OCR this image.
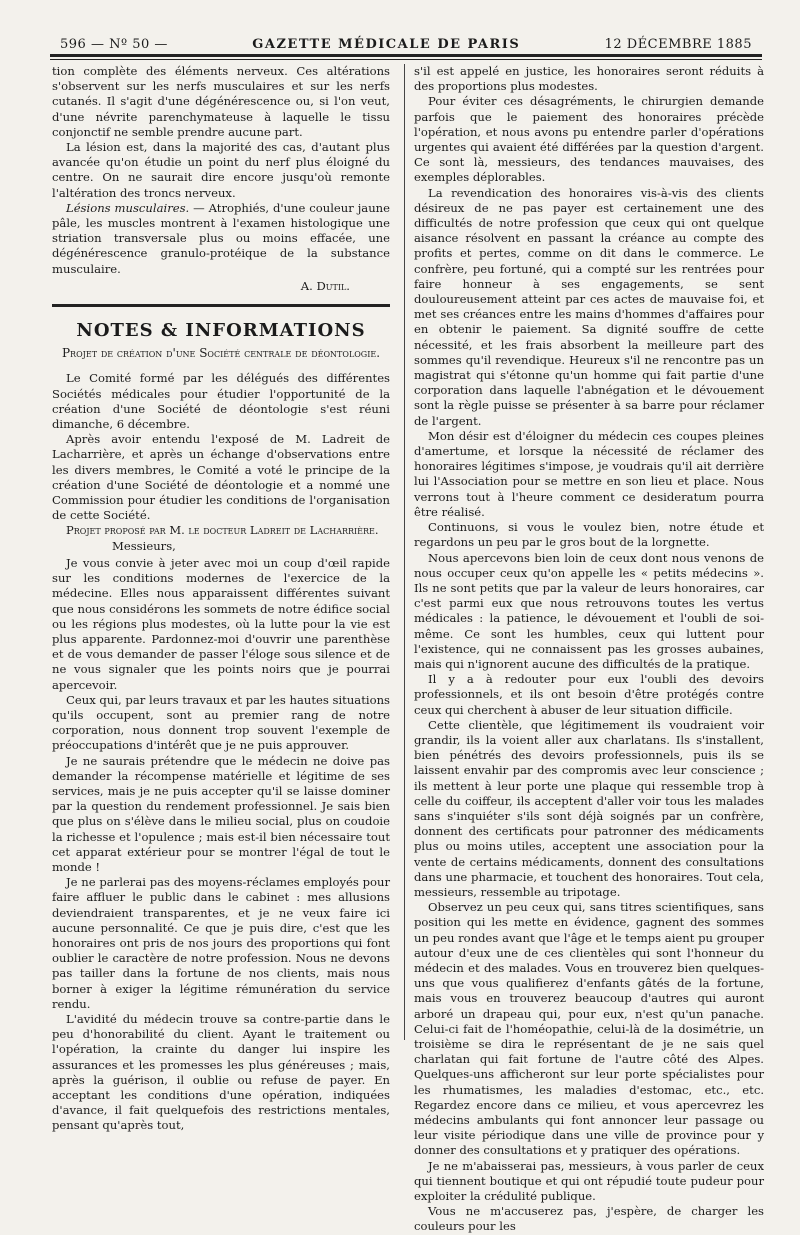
596 — Nº 50 —	GAZETTE MÉDICALE DE PARIS	12 DÉCEMBRE 1885

tion complète des éléments nerveux. Ces altérations s'observent sur les nerfs musculaires et sur les nerfs cutanés. Il s'agit d'une dégénérescence ou, si l'on veut, d'une névrite parenchymateuse à laquelle le tissu conjonctif ne semble prendre aucune part.

La lésion est, dans la majorité des cas, d'autant plus avancée qu'on étudie un point du nerf plus éloigné du centre. On ne saurait dire encore jusqu'où remonte l'altération des troncs nerveux.

Lésions musculaires. — Atrophiés, d'une couleur jaune pâle, les muscles montrent à l'examen histologique une striation transversale plus ou moins effacée, une dégénérescence granulo-protéique de la substance musculaire.

A. Dutil.
NOTES & INFORMATIONS
Projet de création d'une Société centrale de déontologie.

Le Comité formé par les délégués des différentes Sociétés médicales pour étudier l'opportunité de la création d'une Société de déontologie s'est réuni dimanche, 6 décembre.

Après avoir entendu l'exposé de M. Ladreit de Lacharrière, et après un échange d'observations entre les divers membres, le Comité a voté le principe de la création d'une Société de déontologie et a nommé une Commission pour étudier les conditions de l'organisation de cette Société.

Projet proposé par M. le docteur Ladreit de Lacharrière.

Messieurs,

Je vous convie à jeter avec moi un coup d'œil rapide sur les conditions modernes de l'exercice de la médecine. Elles nous apparaissent différentes suivant que nous considérons les sommets de notre édifice social ou les régions plus modestes, où la lutte pour la vie est plus apparente. Pardonnez-moi d'ouvrir une parenthèse et de vous demander de passer l'éloge sous silence et de ne vous signaler que les points noirs que je pourrai apercevoir.

Ceux qui, par leurs travaux et par les hautes situations qu'ils occupent, sont au premier rang de notre corporation, nous donnent trop souvent l'exemple de préoccupations d'intérêt que je ne puis approuver.

Je ne saurais prétendre que le médecin ne doive pas demander la récompense matérielle et légitime de ses services, mais je ne puis accepter qu'il se laisse dominer par la question du rendement professionnel. Je sais bien que plus on s'élève dans le milieu social, plus on coudoie la richesse et l'opulence ; mais est-il bien nécessaire tout cet apparat extérieur pour se montrer l'égal de tout le monde !

Je ne parlerai pas des moyens-réclames employés pour faire affluer le public dans le cabinet : mes allusions deviendraient transparentes, et je ne veux faire ici aucune personnalité. Ce que je puis dire, c'est que les honoraires ont pris de nos jours des proportions qui font oublier le caractère de notre profession. Nous ne devons pas tailler dans la fortune de nos clients, mais nous borner à exiger la légitime rémunération du service rendu.

L'avidité du médecin trouve sa contre-partie dans le peu d'honorabilité du client. Ayant le traitement ou l'opération, la crainte du danger lui inspire les assurances et les promesses les plus généreuses ; mais, après la guérison, il oublie ou refuse de payer. En acceptant les conditions d'une opération, indiquées d'avance, il fait quelquefois des restrictions mentales, pensant qu'après tout,

s'il est appelé en justice, les honoraires seront réduits à des proportions plus modestes.

Pour éviter ces désagréments, le chirurgien demande parfois que le paiement des honoraires précède l'opération, et nous avons pu entendre parler d'opérations urgentes qui avaient été différées par la question d'argent. Ce sont là, messieurs, des tendances mauvaises, des exemples déplorables.

La revendication des honoraires vis-à-vis des clients désireux de ne pas payer est certainement une des difficultés de notre profession que ceux qui ont quelque aisance résolvent en passant la créance au compte des profits et pertes, comme on dit dans le commerce. Le confrère, peu fortuné, qui a compté sur les rentrées pour faire honneur à ses engagements, se sent douloureusement atteint par ces actes de mauvaise foi, et met ses créances entre les mains d'hommes d'affaires pour en obtenir le paiement. Sa dignité souffre de cette nécessité, et les frais absorbent la meilleure part des sommes qu'il revendique. Heureux s'il ne rencontre pas un magistrat qui s'étonne qu'un homme qui fait partie d'une corporation dans laquelle l'abnégation et le dévouement sont la règle puisse se présenter à sa barre pour réclamer de l'argent.

Mon désir est d'éloigner du médecin ces coupes pleines d'amertume, et lorsque la nécessité de réclamer des honoraires légitimes s'impose, je voudrais qu'il ait derrière lui l'Association pour se mettre en son lieu et place. Nous verrons tout à l'heure comment ce desideratum pourra être réalisé.

Continuons, si vous le voulez bien, notre étude et regardons un peu par le gros bout de la lorgnette.

Nous apercevons bien loin de ceux dont nous venons de nous occuper ceux qu'on appelle les « petits médecins ». Ils ne sont petits que par la valeur de leurs honoraires, car c'est parmi eux que nous retrouvons toutes les vertus médicales : la patience, le dévouement et l'oubli de soi-même. Ce sont les humbles, ceux qui luttent pour l'existence, qui ne connaissent pas les grosses aubaines, mais qui n'ignorent aucune des difficultés de la pratique.

Il y a à redouter pour eux l'oubli des devoirs professionnels, et ils ont besoin d'être protégés contre ceux qui cherchent à abuser de leur situation difficile.

Cette clientèle, que légitimement ils voudraient voir grandir, ils la voient aller aux charlatans. Ils s'installent, bien pénétrés des devoirs professionnels, puis ils se laissent envahir par des compromis avec leur conscience ; ils mettent à leur porte une plaque qui ressemble trop à celle du coiffeur, ils acceptent d'aller voir tous les malades sans s'inquiéter s'ils sont déjà soignés par un confrère, donnent des certificats pour patronner des médicaments plus ou moins utiles, acceptent une association pour la vente de certains médicaments, donnent des consultations dans une pharmacie, et touchent des honoraires. Tout cela, messieurs, ressemble au tripotage.

Observez un peu ceux qui, sans titres scientifiques, sans position qui les mette en évidence, gagnent des sommes un peu rondes avant que l'âge et le temps aient pu grouper autour d'eux une de ces clientèles qui sont l'honneur du médecin et des malades. Vous en trouverez bien quelques-uns que vous qualifierez d'enfants gâtés de la fortune, mais vous en trouverez beaucoup d'autres qui auront arboré un drapeau qui, pour eux, n'est qu'un panache. Celui-ci fait de l'homéopathie, celui-là de la dosimétrie, un troisième se dira le représentant de je ne sais quel charlatan qui fait fortune de l'autre côté des Alpes. Quelques-uns afficheront sur leur porte spécialistes pour les rhumatismes, les maladies d'estomac, etc., etc. Regardez encore dans ce milieu, et vous apercevrez les médecins ambulants qui font annoncer leur passage ou leur visite périodique dans une ville de province pour y donner des consultations et y pratiquer des opérations.

Je ne m'abaisserai pas, messieurs, à vous parler de ceux qui tiennent boutique et qui ont répudié toute pudeur pour exploiter la crédulité publique.

Vous ne m'accuserez pas, j'espère, de charger les couleurs pour les
